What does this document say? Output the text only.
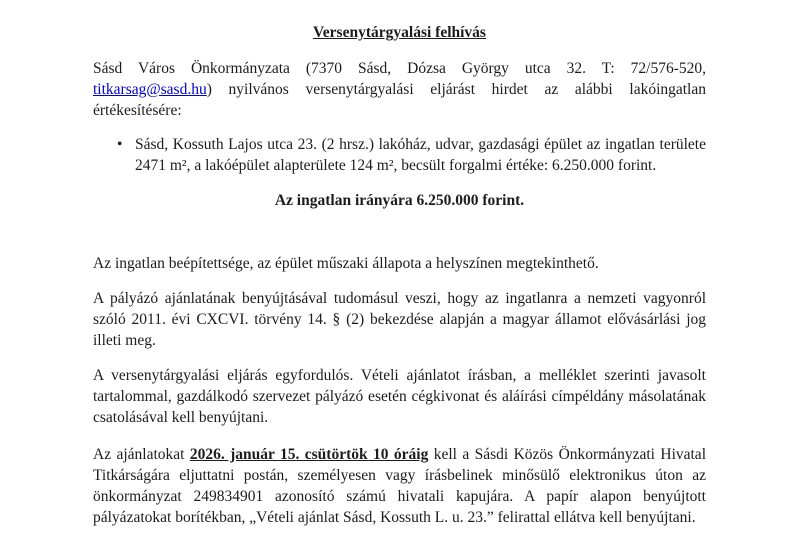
Versenytárgyalási felhívás

Sásd Város Önkormányzata (7370 Sásd, Dózsa György utca 32. T: 72/576-520, titkarsag@sasd.hu) nyilvános versenytárgyalási eljárást hirdet az alábbi lakóingatlan értékesítésére:

• Sásd, Kossuth Lajos utca 23. (2 hrsz.) lakóház, udvar, gazdasági épület az ingatlan területe 2471 m², a lakóépület alapterülete 124 m², becsült forgalmi értéke: 6.250.000 forint.

Az ingatlan irányára 6.250.000 forint.

Az ingatlan beépítettsége, az épület műszaki állapota a helyszínen megtekinthető.

A pályázó ajánlatának benyújtásával tudomásul veszi, hogy az ingatlanra a nemzeti vagyonról szóló 2011. évi CXCVI. törvény 14. § (2) bekezdése alapján a magyar államot elővásárlási jog illeti meg.

A versenytárgyalási eljárás egyfordulós. Vételi ajánlatot írásban, a melléklet szerinti javasolt tartalommal, gazdálkodó szervezet pályázó esetén cégkivonat és aláírási címpéldány másolatának csatolásával kell benyújtani.

Az ajánlatokat 2026. január 15. csütörtök 10 óráig kell a Sásdi Közös Önkormányzati Hivatal Titkárságára eljuttatni postán, személyesen vagy írásbelinek minősülő elektronikus úton az önkormányzat 249834901 azonosító számú hivatali kapujára. A papír alapon benyújtott pályázatokat borítékban, „Vételi ajánlat Sásd, Kossuth L. u. 23.” felirattal ellátva kell benyújtani.
